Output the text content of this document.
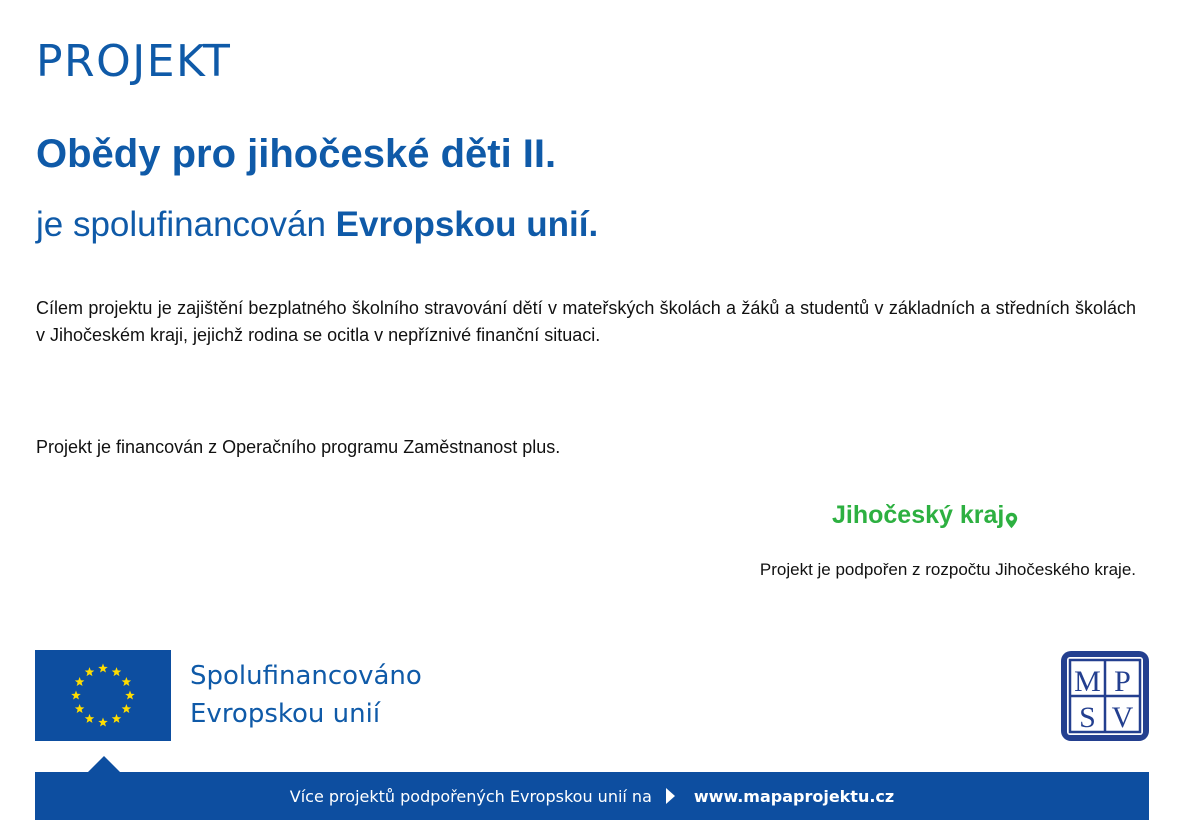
PROJEKT
Obědy pro jihočeské děti II.
je spolufinancován Evropskou unií.
Cílem projektu je zajištění bezplatného školního stravování dětí v mateřských školách a žáků a studentů v základních a středních školách v Jihočeském kraji, jejichž rodina se ocitla v nepříznivé finanční situaci.
Projekt je financován z Operačního programu Zaměstnanost plus.
Jihočeský kraj
Projekt je podpořen z rozpočtu Jihočeského kraje.
Spolufinancováno
Evropskou unií
M P
S V
Více projektů podpořených Evropskou unií na	www.mapaprojektu.cz
